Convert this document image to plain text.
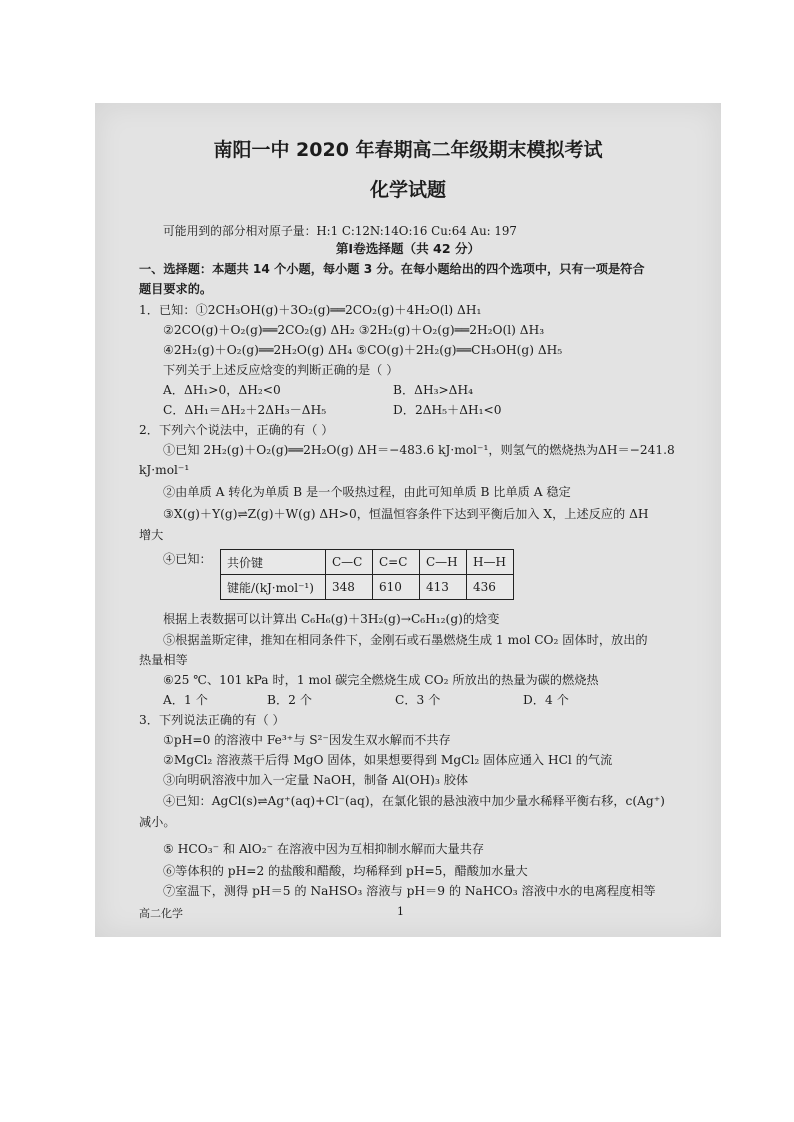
南阳一中 2020 年春期高二年级期末模拟考试
化学试题
可能用到的部分相对原子量：H:1 C:12N:14O:16 Cu:64 Au: 197
第Ⅰ卷选择题（共 42 分）
一、选择题：本题共 14 个小题，每小题 3 分。在每小题给出的四个选项中，只有一项是符合
题目要求的。
1．已知：①2CH₃OH(g)＋3O₂(g)══2CO₂(g)＋4H₂O(l) ΔH₁
②2CO(g)＋O₂(g)══2CO₂(g) ΔH₂ ③2H₂(g)＋O₂(g)══2H₂O(l) ΔH₃
④2H₂(g)＋O₂(g)══2H₂O(g) ΔH₄ ⑤CO(g)＋2H₂(g)══CH₃OH(g) ΔH₅
下列关于上述反应焓变的判断正确的是（ ）
A．ΔH₁>0，ΔH₂<0	B．ΔH₃>ΔH₄
C．ΔH₁＝ΔH₂＋2ΔH₃－ΔH₅	D．2ΔH₅＋ΔH₁<0
2．下列六个说法中，正确的有（ ）
①已知 2H₂(g)＋O₂(g)══2H₂O(g) ΔH＝−483.6 kJ·mol⁻¹，则氢气的燃烧热为ΔH＝−241.8
kJ·mol⁻¹
②由单质 A 转化为单质 B 是一个吸热过程，由此可知单质 B 比单质 A 稳定
③X(g)＋Y(g)⇌Z(g)＋W(g) ΔH>0，恒温恒容条件下达到平衡后加入 X，上述反应的 ΔH
增大
④已知： 共价键	C—C	C=C	C—H	H—H
键能/(kJ·mol⁻¹)	348	610	413	436
根据上表数据可以计算出 C₆H₆(g)＋3H₂(g)→C₆H₁₂(g)的焓变
⑤根据盖斯定律，推知在相同条件下，金刚石或石墨燃烧生成 1 mol CO₂ 固体时，放出的
热量相等
⑥25 ℃、101 kPa 时，1 mol 碳完全燃烧生成 CO₂ 所放出的热量为碳的燃烧热
A．1 个	B．2 个	C．3 个	D．4 个
3．下列说法正确的有（ ）
①pH=0 的溶液中 Fe³⁺与 S²⁻因发生双水解而不共存
②MgCl₂ 溶液蒸干后得 MgO 固体，如果想要得到 MgCl₂ 固体应通入 HCl 的气流
③向明矾溶液中加入一定量 NaOH，制备 Al(OH)₃ 胶体
④已知：AgCl(s)⇌Ag⁺(aq)+Cl⁻(aq)，在氯化银的悬浊液中加少量水稀释平衡右移，c(Ag⁺)
减小。
⑤ HCO₃⁻ 和 AlO₂⁻ 在溶液中因为互相抑制水解而大量共存
⑥等体积的 pH=2 的盐酸和醋酸，均稀释到 pH=5，醋酸加水量大
⑦室温下，测得 pH＝5 的 NaHSO₃ 溶液与 pH＝9 的 NaHCO₃ 溶液中水的电离程度相等
高二化学	1
